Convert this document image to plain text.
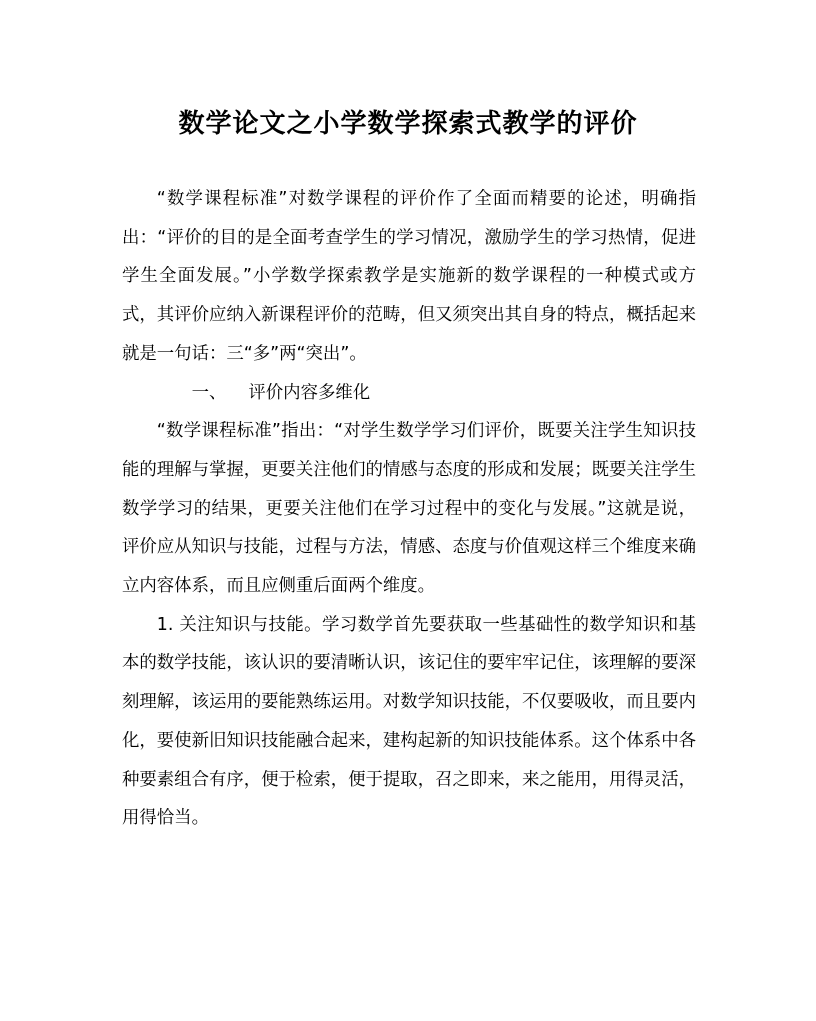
数学论文之小学数学探索式教学的评价

“数学课程标准”对数学课程的评价作了全面而精要的论述，明确指出：“评价的目的是全面考查学生的学习情况，激励学生的学习热情，促进学生全面发展。”小学数学探索教学是实施新的数学课程的一种模式或方式，其评价应纳入新课程评价的范畴，但又须突出其自身的特点，概括起来就是一句话：三“多”两“突出”。

一、 评价内容多维化

“数学课程标准”指出：“对学生数学学习们评价，既要关注学生知识技能的理解与掌握，更要关注他们的情感与态度的形成和发展；既要关注学生数学学习的结果，更要关注他们在学习过程中的变化与发展。”这就是说，评价应从知识与技能，过程与方法，情感、态度与价值观这样三个维度来确立内容体系，而且应侧重后面两个维度。

1. 关注知识与技能。学习数学首先要获取一些基础性的数学知识和基本的数学技能，该认识的要清晰认识，该记住的要牢牢记住，该理解的要深刻理解，该运用的要能熟练运用。对数学知识技能，不仅要吸收，而且要内化，要使新旧知识技能融合起来，建构起新的知识技能体系。这个体系中各种要素组合有序，便于检索，便于提取，召之即来，来之能用，用得灵活，用得恰当。
